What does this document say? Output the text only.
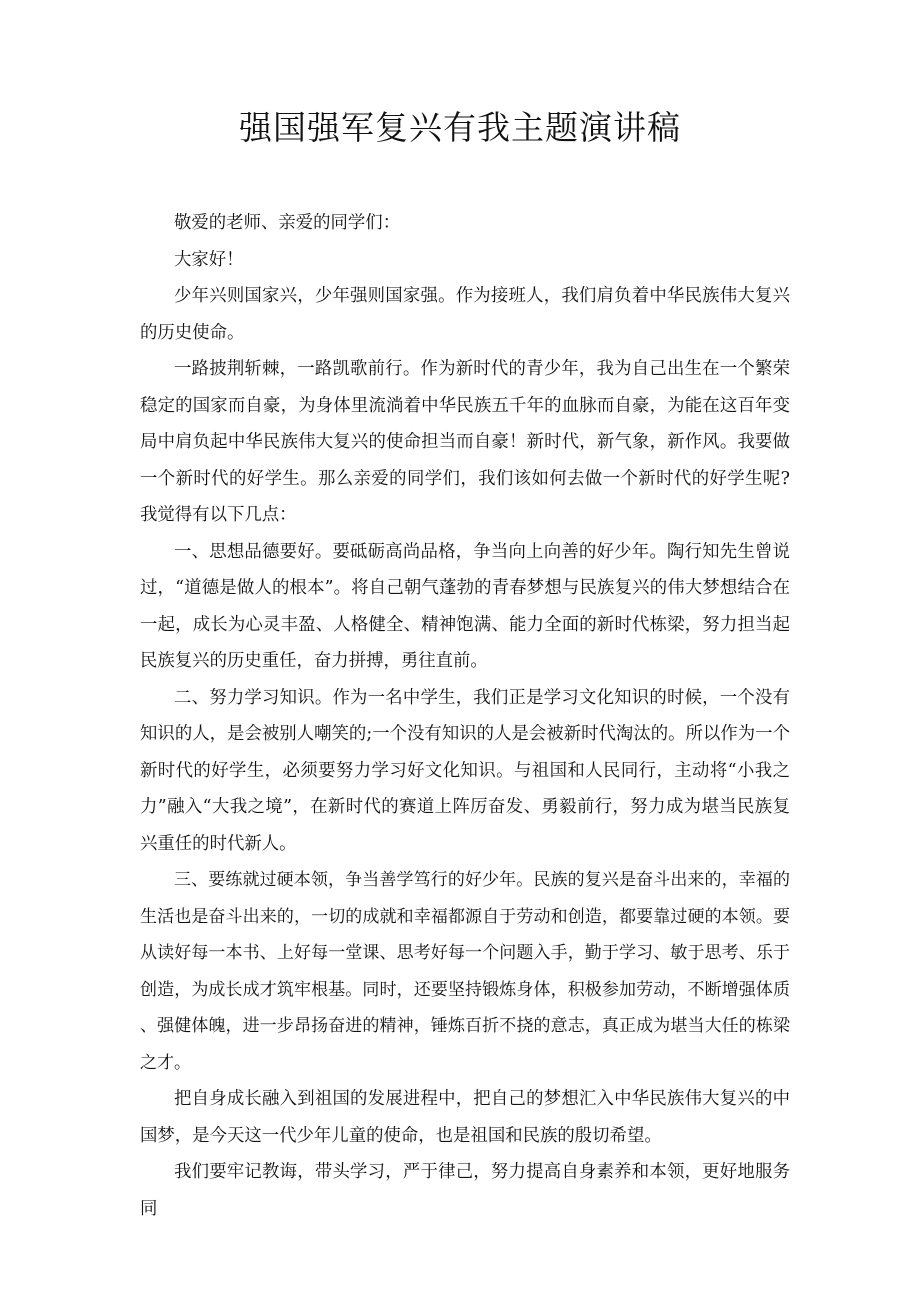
强国强军复兴有我主题演讲稿

敬爱的老师、亲爱的同学们：

大家好！

少年兴则国家兴，少年强则国家强。作为接班人，我们肩负着中华民族伟大复兴的历史使命。

一路披荆斩棘，一路凯歌前行。作为新时代的青少年，我为自己出生在一个繁荣稳定的国家而自豪，为身体里流淌着中华民族五千年的血脉而自豪，为能在这百年变局中肩负起中华民族伟大复兴的使命担当而自豪！新时代，新气象，新作风。我要做一个新时代的好学生。那么亲爱的同学们，我们该如何去做一个新时代的好学生呢?我觉得有以下几点：

一、思想品德要好。要砥砺高尚品格，争当向上向善的好少年。陶行知先生曾说过，“道德是做人的根本”。将自己朝气蓬勃的青春梦想与民族复兴的伟大梦想结合在一起，成长为心灵丰盈、人格健全、精神饱满、能力全面的新时代栋梁，努力担当起民族复兴的历史重任，奋力拼搏，勇往直前。

二、努力学习知识。作为一名中学生，我们正是学习文化知识的时候，一个没有知识的人，是会被别人嘲笑的;一个没有知识的人是会被新时代淘汰的。所以作为一个新时代的好学生，必须要努力学习好文化知识。与祖国和人民同行，主动将“小我之力”融入“大我之境”，在新时代的赛道上阵厉奋发、勇毅前行，努力成为堪当民族复兴重任的时代新人。

三、要练就过硬本领，争当善学笃行的好少年。民族的复兴是奋斗出来的，幸福的生活也是奋斗出来的，一切的成就和幸福都源自于劳动和创造，都要靠过硬的本领。要从读好每一本书、上好每一堂课、思考好每一个问题入手，勤于学习、敏于思考、乐于创造，为成长成才筑牢根基。同时，还要坚持锻炼身体，积极参加劳动，不断增强体质、强健体魄，进一步昂扬奋进的精神，锤炼百折不挠的意志，真正成为堪当大任的栋梁之才。

把自身成长融入到祖国的发展进程中，把自己的梦想汇入中华民族伟大复兴的中国梦，是今天这一代少年儿童的使命，也是祖国和民族的殷切希望。

我们要牢记教诲，带头学习，严于律己，努力提高自身素养和本领，更好地服务同
